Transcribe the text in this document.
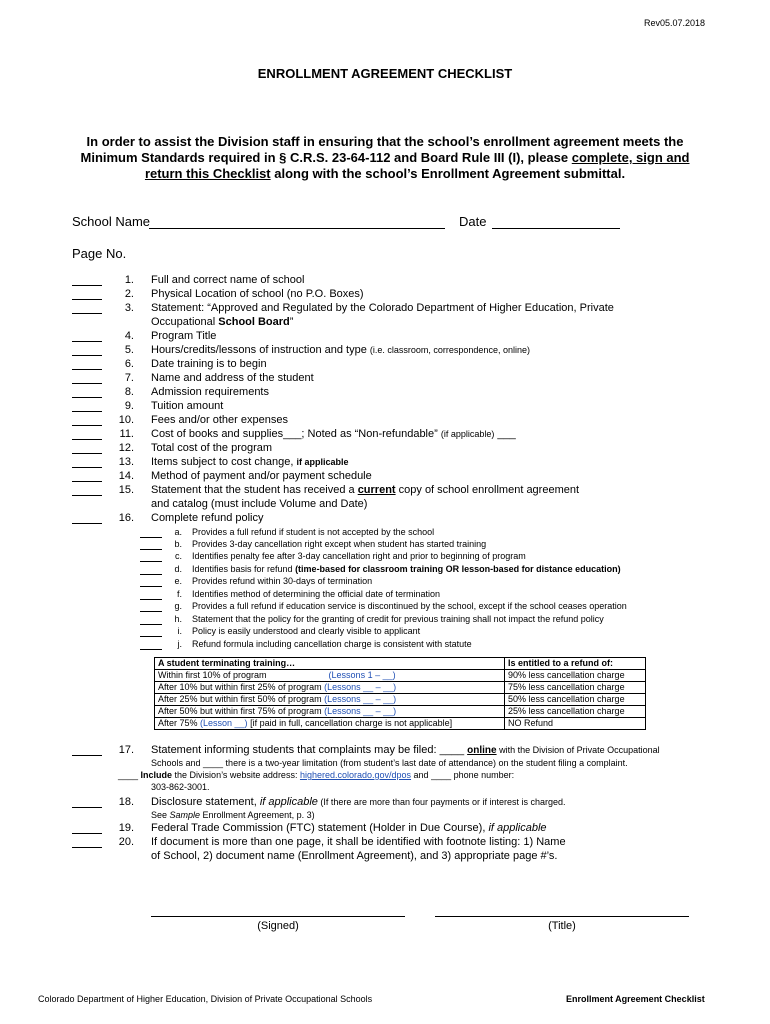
Rev05.07.2018
ENROLLMENT AGREEMENT CHECKLIST
In order to assist the Division staff in ensuring that the school’s enrollment agreement meets the Minimum Standards required in § C.R.S. 23-64-112 and Board Rule III (I), please complete, sign and return this Checklist along with the school’s Enrollment Agreement submittal.
School Name	Date
Page No.
1. Full and correct name of school
2. Physical Location of school (no P.O. Boxes)
3. Statement: “Approved and Regulated by the Colorado Department of Higher Education, Private
Occupational School Board”
4. Program Title
5. Hours/credits/lessons of instruction and type (i.e. classroom, correspondence, online)
6. Date training is to begin
7. Name and address of the student
8. Admission requirements
9. Tuition amount
10. Fees and/or other expenses
11. Cost of books and supplies___; Noted as “Non-refundable” (if applicable) ___
12. Total cost of the program
13. Items subject to cost change, if applicable
14. Method of payment and/or payment schedule
15. Statement that the student has received a current copy of school enrollment agreement
and catalog (must include Volume and Date)
16. Complete refund policy
a. Provides a full refund if student is not accepted by the school
b. Provides 3-day cancellation right except when student has started training
c. Identifies penalty fee after 3-day cancellation right and prior to beginning of program
d. Identifies basis for refund (time-based for classroom training OR lesson-based for distance education)
e. Provides refund within 30-days of termination
f. Identifies method of determining the official date of termination
g. Provides a full refund if education service is discontinued by the school, except if the school ceases operation
h. Statement that the policy for the granting of credit for previous training shall not impact the refund policy
i. Policy is easily understood and clearly visible to applicant
j. Refund formula including cancellation charge is consistent with statute
A student terminating training…	Is entitled to a refund of:
Within first 10% of program (Lessons 1 – __)	90% less cancellation charge
After 10% but within first 25% of program (Lessons __ – __)	75% less cancellation charge
After 25% but within first 50% of program (Lessons __ – __)	50% less cancellation charge
After 50% but within first 75% of program (Lessons __ – __)	25% less cancellation charge
After 75% (Lesson __) [if paid in full, cancellation charge is not applicable]	NO Refund
17. Statement informing students that complaints may be filed: ____ online with the Division of Private Occupational
Schools and ____ there is a two-year limitation (from student’s last date of attendance) on the student filing a complaint.
____ Include the Division’s website address: highered.colorado.gov/dpos and ____ phone number:
303-862-3001.
18. Disclosure statement, if applicable (If there are more than four payments or if interest is charged.
See Sample Enrollment Agreement, p. 3)
19. Federal Trade Commission (FTC) statement (Holder in Due Course), if applicable
20. If document is more than one page, it shall be identified with footnote listing: 1) Name
of School, 2) document name (Enrollment Agreement), and 3) appropriate page #’s.
(Signed)	(Title)
Colorado Department of Higher Education, Division of Private Occupational Schools	Enrollment Agreement Checklist
